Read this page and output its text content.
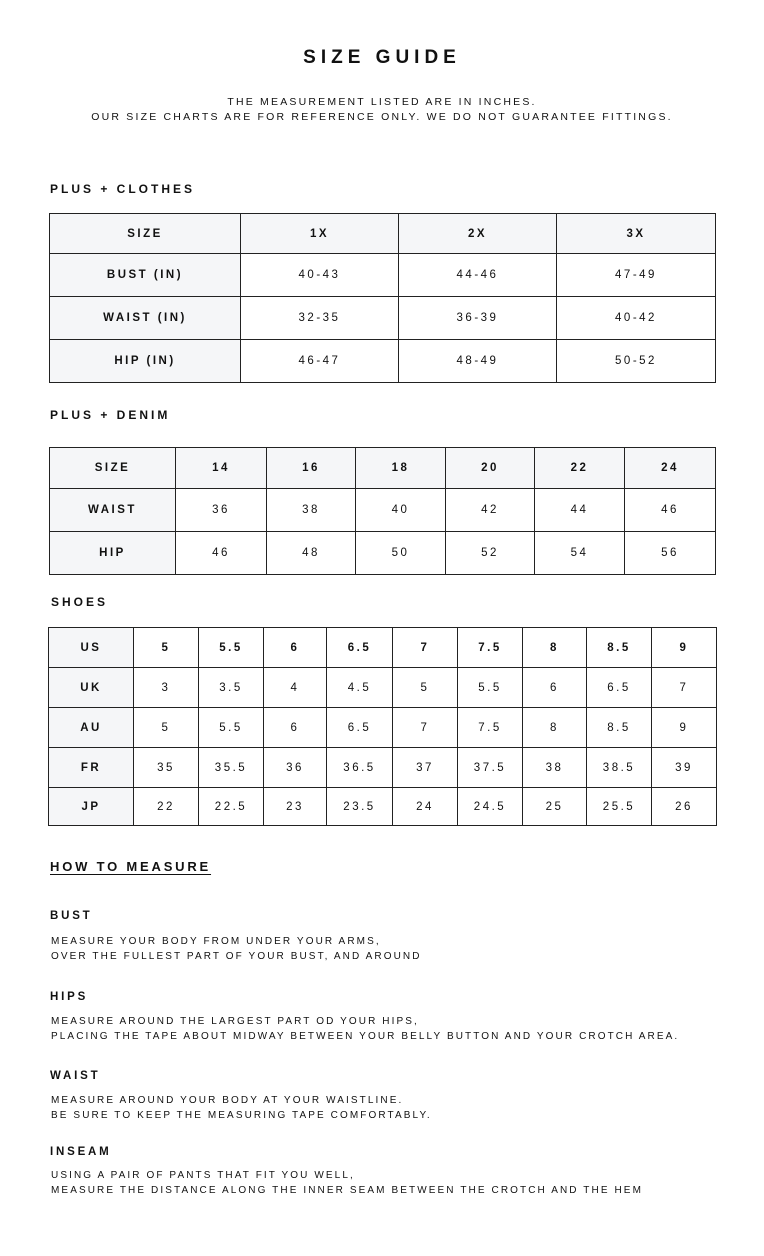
SIZE GUIDE
THE MEASUREMENT LISTED ARE IN INCHES.
OUR SIZE CHARTS ARE FOR REFERENCE ONLY. WE DO NOT GUARANTEE FITTINGS.
PLUS + CLOTHES
SIZE	1X	2X	3X
BUST (IN)	40-43	44-46	47-49
WAIST (IN)	32-35	36-39	40-42
HIP (IN)	46-47	48-49	50-52
PLUS + DENIM
SIZE	14	16	18	20	22	24
WAIST	36	38	40	42	44	46
HIP	46	48	50	52	54	56
SHOES
US	5	5.5	6	6.5	7	7.5	8	8.5	9
UK	3	3.5	4	4.5	5	5.5	6	6.5	7
AU	5	5.5	6	6.5	7	7.5	8	8.5	9
FR	35	35.5	36	36.5	37	37.5	38	38.5	39
JP	22	22.5	23	23.5	24	24.5	25	25.5	26
HOW TO MEASURE
BUST
MEASURE YOUR BODY FROM UNDER YOUR ARMS,
OVER THE FULLEST PART OF YOUR BUST, AND AROUND
HIPS
MEASURE AROUND THE LARGEST PART OD YOUR HIPS,
PLACING THE TAPE ABOUT MIDWAY BETWEEN YOUR BELLY BUTTON AND YOUR CROTCH AREA.
WAIST
MEASURE AROUND YOUR BODY AT YOUR WAISTLINE.
BE SURE TO KEEP THE MEASURING TAPE COMFORTABLY.
INSEAM
USING A PAIR OF PANTS THAT FIT YOU WELL,
MEASURE THE DISTANCE ALONG THE INNER SEAM BETWEEN THE CROTCH AND THE HEM
